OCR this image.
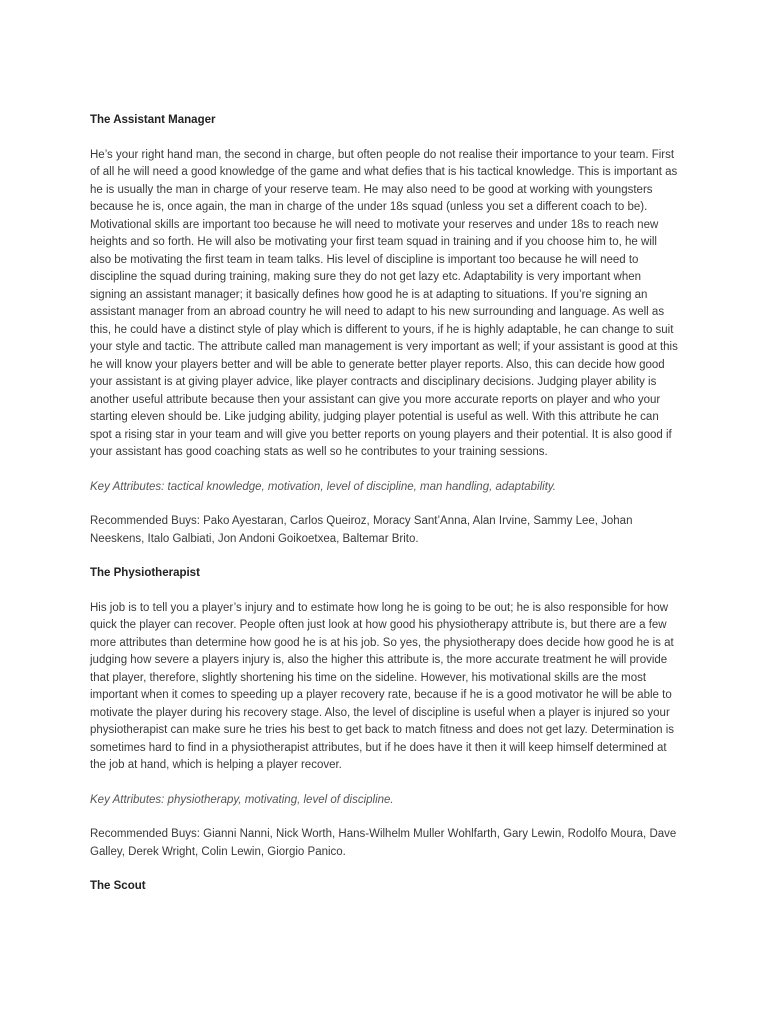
The Assistant Manager
He’s your right hand man, the second in charge, but often people do not realise their importance to your team. First of all he will need a good knowledge of the game and what defies that is his tactical knowledge. This is important as he is usually the man in charge of your reserve team. He may also need to be good at working with youngsters because he is, once again, the man in charge of the under 18s squad (unless you set a different coach to be). Motivational skills are important too because he will need to motivate your reserves and under 18s to reach new heights and so forth. He will also be motivating your first team squad in training and if you choose him to, he will also be motivating the first team in team talks. His level of discipline is important too because he will need to discipline the squad during training, making sure they do not get lazy etc. Adaptability is very important when signing an assistant manager; it basically defines how good he is at adapting to situations. If you’re signing an assistant manager from an abroad country he will need to adapt to his new surrounding and language. As well as this, he could have a distinct style of play which is different to yours, if he is highly adaptable, he can change to suit your style and tactic. The attribute called man management is very important as well; if your assistant is good at this he will know your players better and will be able to generate better player reports. Also, this can decide how good your assistant is at giving player advice, like player contracts and disciplinary decisions. Judging player ability is another useful attribute because then your assistant can give you more accurate reports on player and who your starting eleven should be. Like judging ability, judging player potential is useful as well. With this attribute he can spot a rising star in your team and will give you better reports on young players and their potential. It is also good if your assistant has good coaching stats as well so he contributes to your training sessions.
Key Attributes: tactical knowledge, motivation, level of discipline, man handling, adaptability.
Recommended Buys: Pako Ayestaran, Carlos Queiroz, Moracy Sant’Anna, Alan Irvine, Sammy Lee, Johan Neeskens, Italo Galbiati, Jon Andoni Goikoetxea, Baltemar Brito.
The Physiotherapist
His job is to tell you a player’s injury and to estimate how long he is going to be out; he is also responsible for how quick the player can recover. People often just look at how good his physiotherapy attribute is, but there are a few more attributes than determine how good he is at his job. So yes, the physiotherapy does decide how good he is at judging how severe a players injury is, also the higher this attribute is, the more accurate treatment he will provide that player, therefore, slightly shortening his time on the sideline. However, his motivational skills are the most important when it comes to speeding up a player recovery rate, because if he is a good motivator he will be able to motivate the player during his recovery stage. Also, the level of discipline is useful when a player is injured so your physiotherapist can make sure he tries his best to get back to match fitness and does not get lazy. Determination is sometimes hard to find in a physiotherapist attributes, but if he does have it then it will keep himself determined at the job at hand, which is helping a player recover.
Key Attributes: physiotherapy, motivating, level of discipline.
Recommended Buys: Gianni Nanni, Nick Worth, Hans-Wilhelm Muller Wohlfarth, Gary Lewin, Rodolfo Moura, Dave Galley, Derek Wright, Colin Lewin, Giorgio Panico.
The Scout
